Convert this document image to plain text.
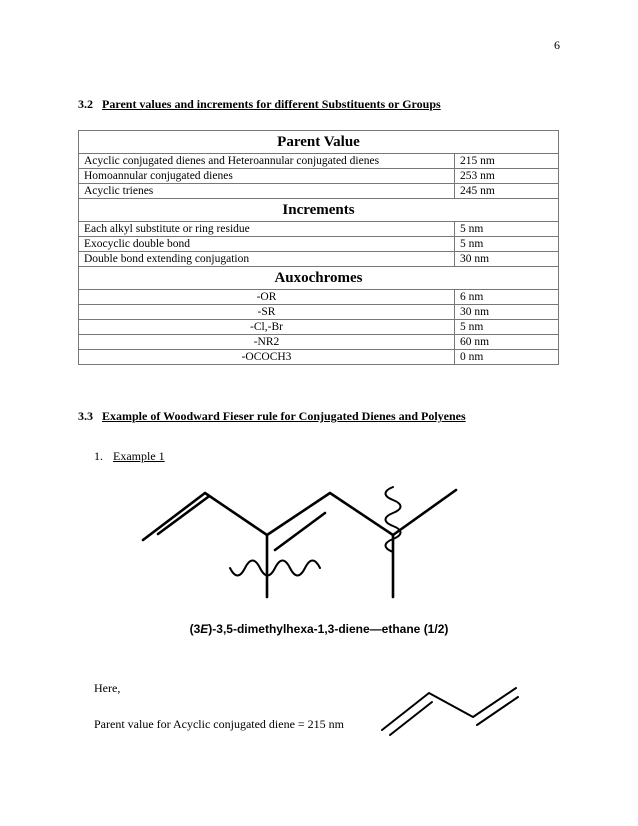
6
3.2 Parent values and increments for different Substituents or Groups
Parent Value	
Acyclic conjugated dienes and Heteroannular conjugated dienes	215 nm
Homoannular conjugated dienes	253 nm
Acyclic trienes	245 nm
Increments	
Each alkyl substitute or ring residue	5 nm
Exocyclic double bond	5 nm
Double bond extending conjugation	30 nm
Auxochromes	
-OR	6 nm
-SR	30 nm
-Cl,-Br	5 nm
-NR2	60 nm
-OCOCH3	0 nm
3.3 Example of Woodward Fieser rule for Conjugated Dienes and Polyenes
1. Example 1
(3E)-3,5-dimethylhexa-1,3-diene—ethane (1/2)
Here,
Parent value for Acyclic conjugated diene = 215 nm
